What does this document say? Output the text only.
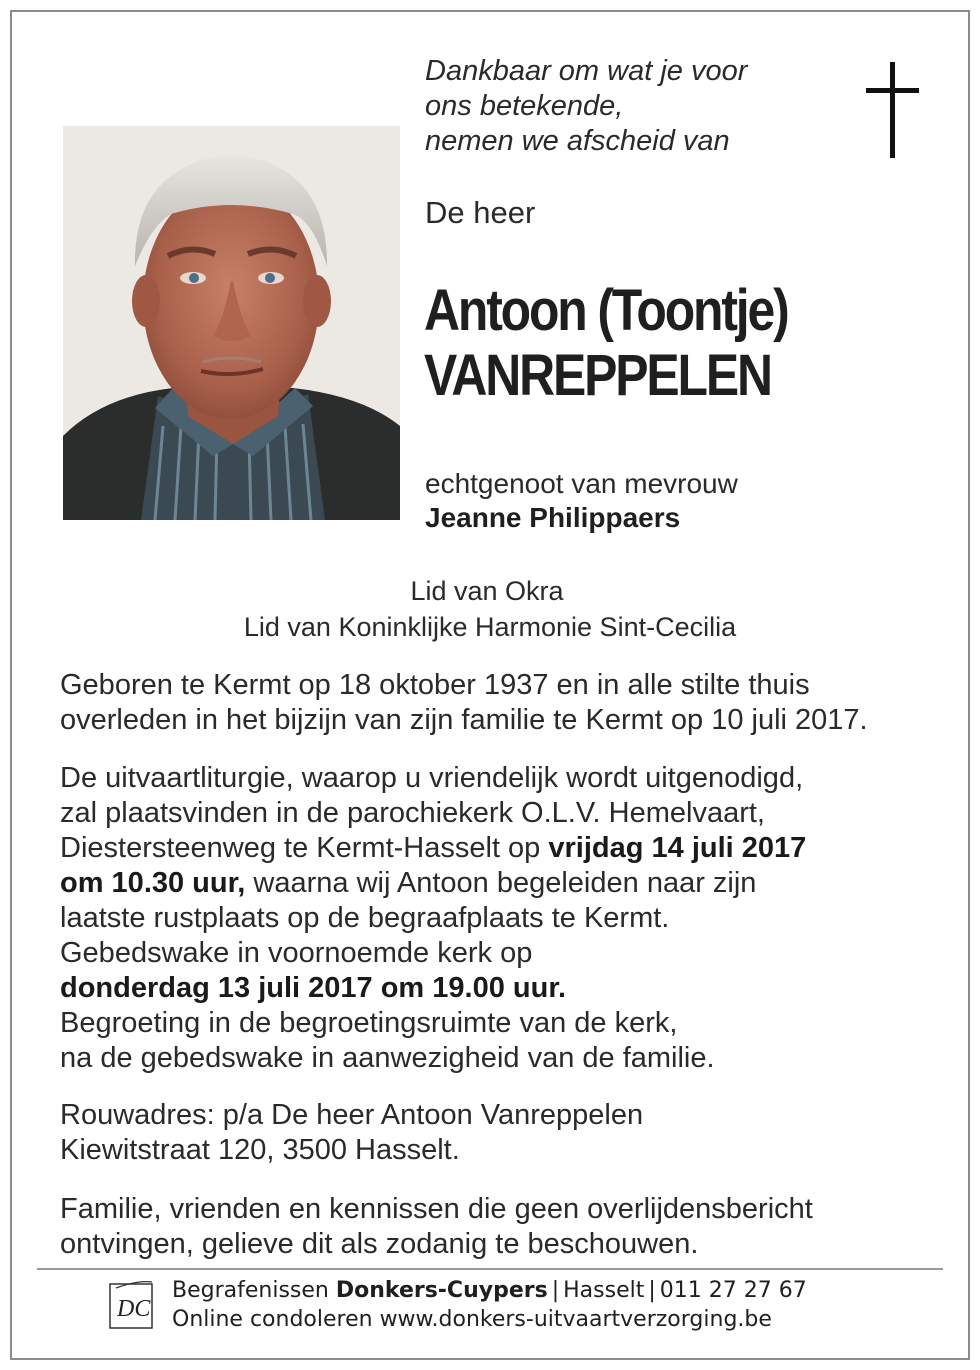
Dankbaar om wat je voor
ons betekende,
nemen we afscheid van
De heer
Antoon (Toontje)
VANREPPELEN
echtgenoot van mevrouw
Jeanne Philippaers
Lid van Okra
Lid van Koninklijke Harmonie Sint-Cecilia
Geboren te Kermt op 18 oktober 1937 en in alle stilte thuis
overleden in het bijzijn van zijn familie te Kermt op 10 juli 2017.
De uitvaartliturgie, waarop u vriendelijk wordt uitgenodigd,
zal plaatsvinden in de parochiekerk O.L.V. Hemelvaart,
Diestersteenweg te Kermt-Hasselt op vrijdag 14 juli 2017
om 10.30 uur, waarna wij Antoon begeleiden naar zijn
laatste rustplaats op de begraafplaats te Kermt.
Gebedswake in voornoemde kerk op
donderdag 13 juli 2017 om 19.00 uur.
Begroeting in de begroetingsruimte van de kerk,
na de gebedswake in aanwezigheid van de familie.
Rouwadres: p/a De heer Antoon Vanreppelen
Kiewitstraat 120, 3500 Hasselt.
Familie, vrienden en kennissen die geen overlijdensbericht
ontvingen, gelieve dit als zodanig te beschouwen.
DC
Begrafenissen Donkers-Cuypers | Hasselt | 011 27 27 67
Online condoleren www.donkers-uitvaartverzorging.be
